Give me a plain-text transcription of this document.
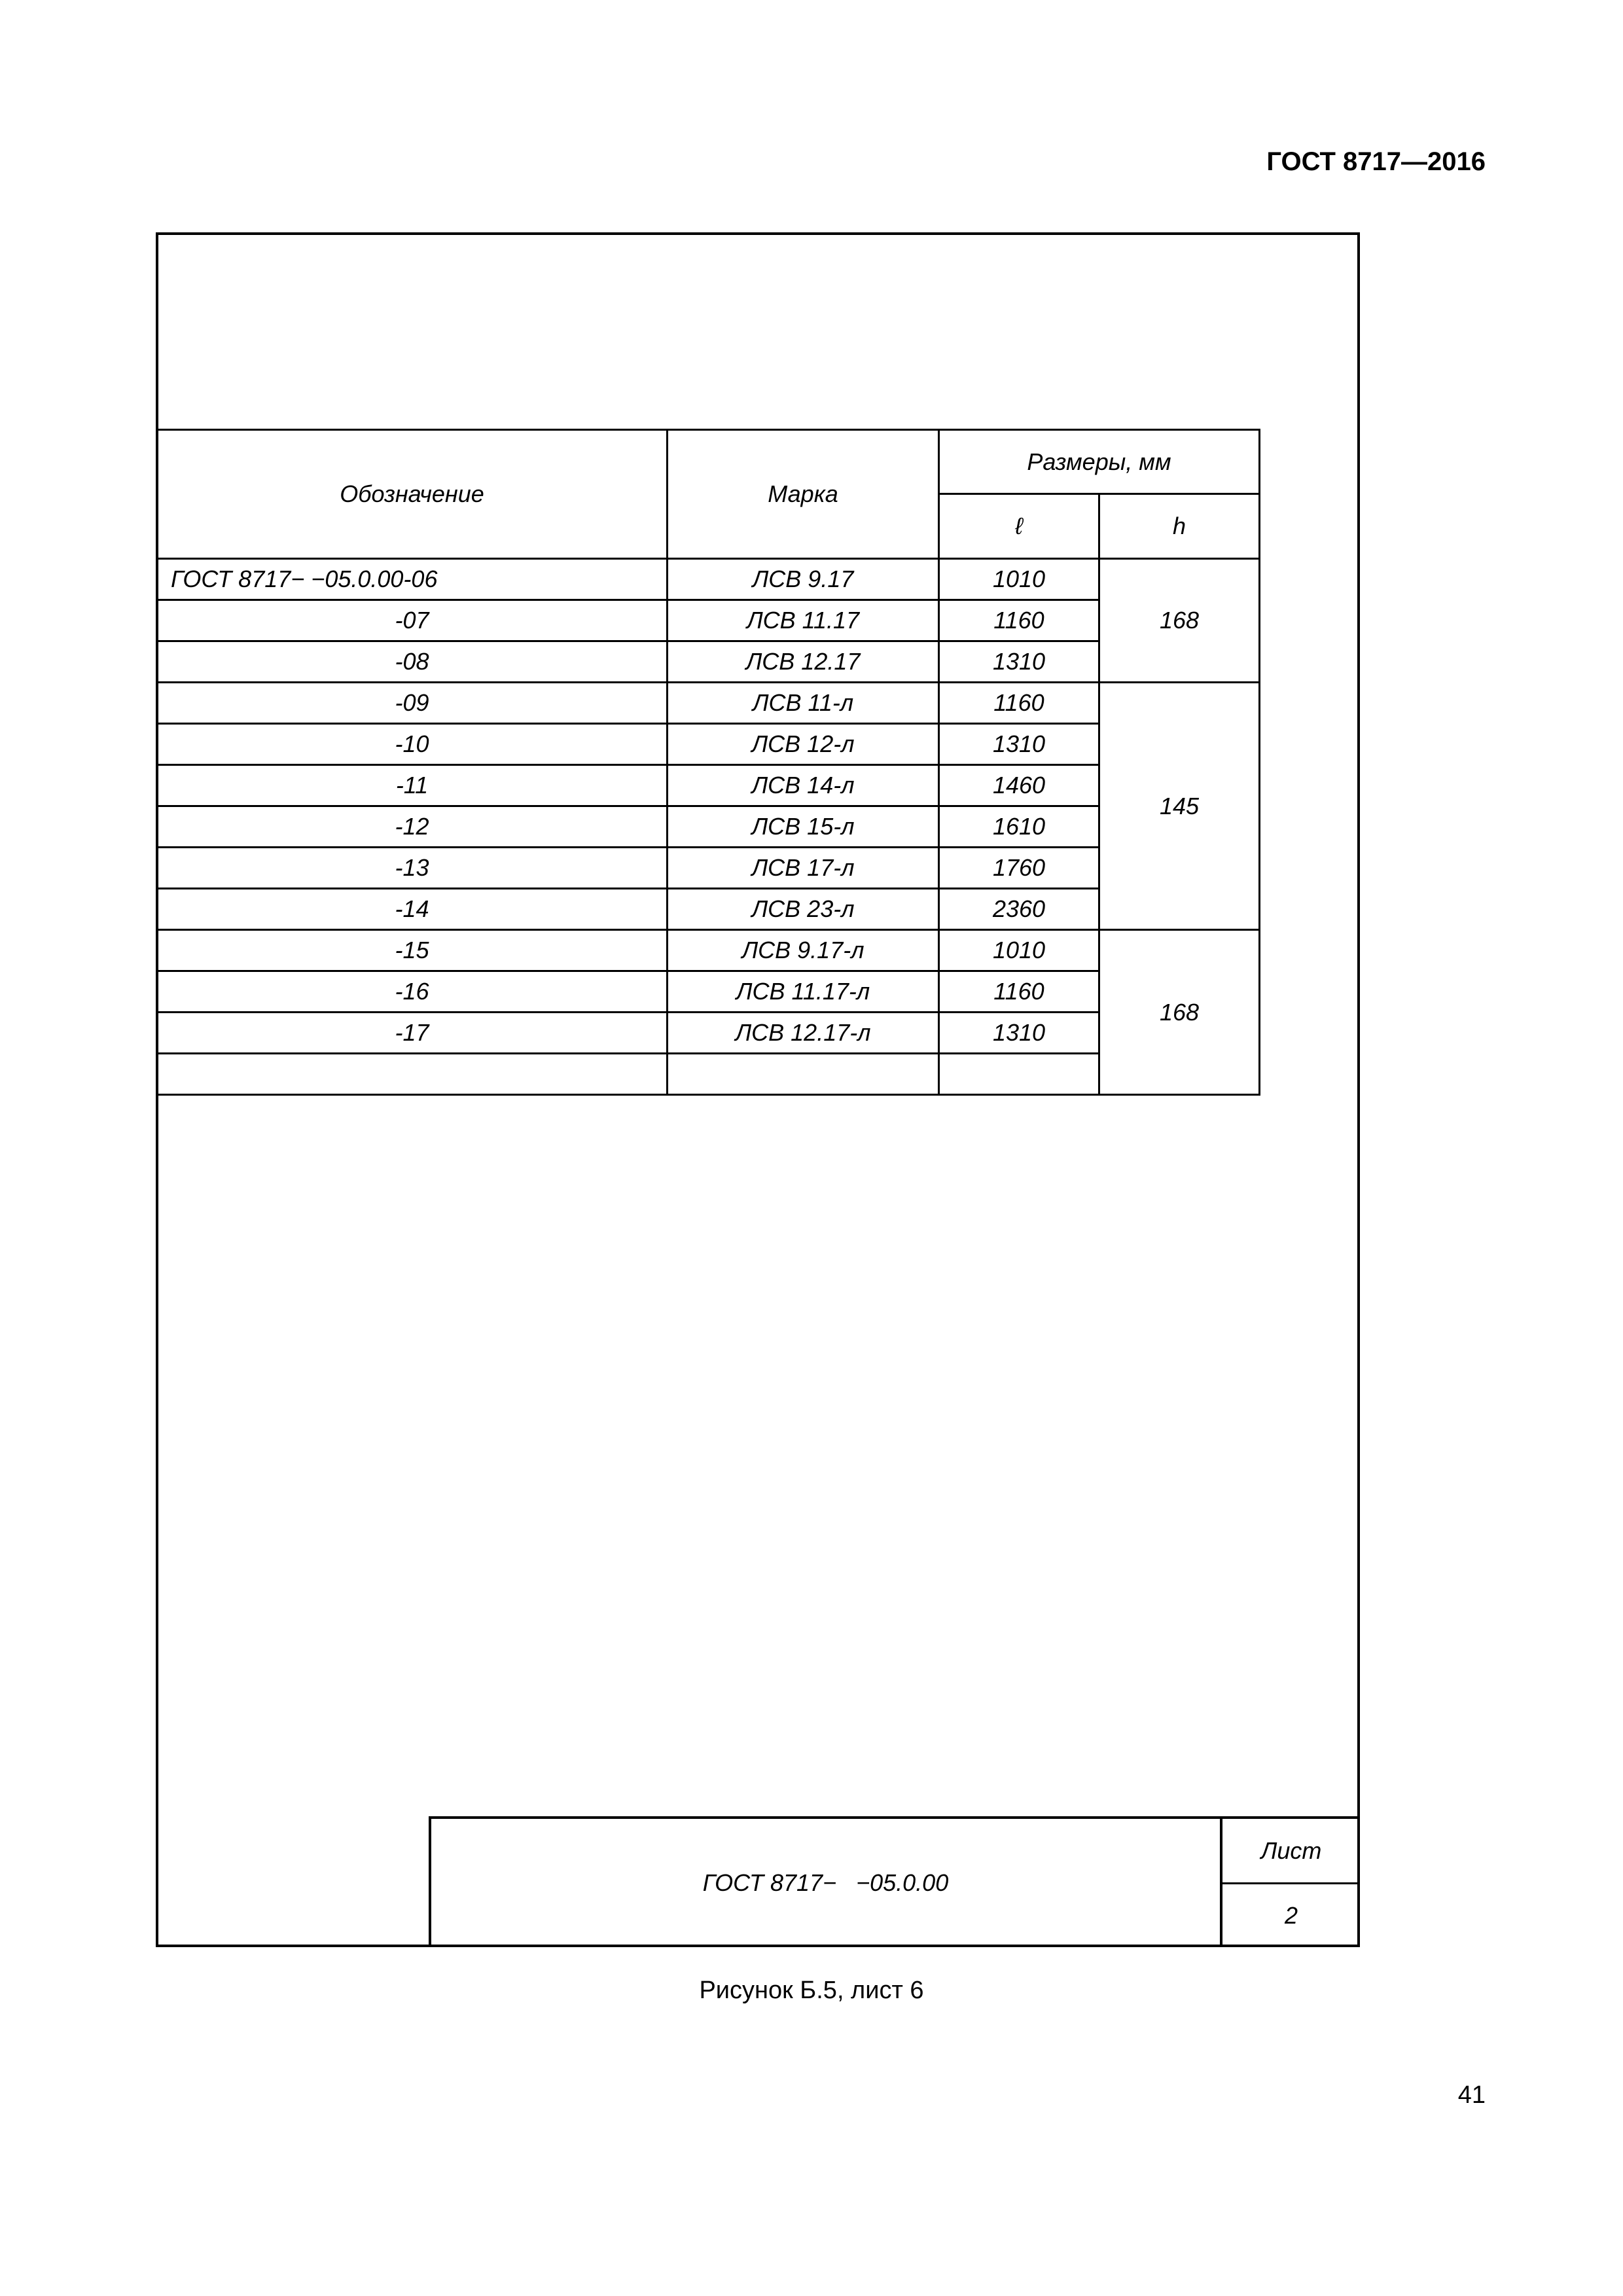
ГОСТ 8717—2016
Обозначение	Марка	Размеры, мм	
		ℓ	h
ГОСТ 8717− −05.0.00-06	ЛСВ 9.17	1010	168
-07	ЛСВ 11.17	1160	
-08	ЛСВ 12.17	1310	
-09	ЛСВ 11-л	1160	145
-10	ЛСВ 12-л	1310	
-11	ЛСВ 14-л	1460	
-12	ЛСВ 15-л	1610	
-13	ЛСВ 17-л	1760	
-14	ЛСВ 23-л	2360	
-15	ЛСВ 9.17-л	1010	168
-16	ЛСВ 11.17-л	1160	
-17	ЛСВ 12.17-л	1310	

ГОСТ 8717−   −05.0.00
Лист
2
Рисунок Б.5, лист 6
41
